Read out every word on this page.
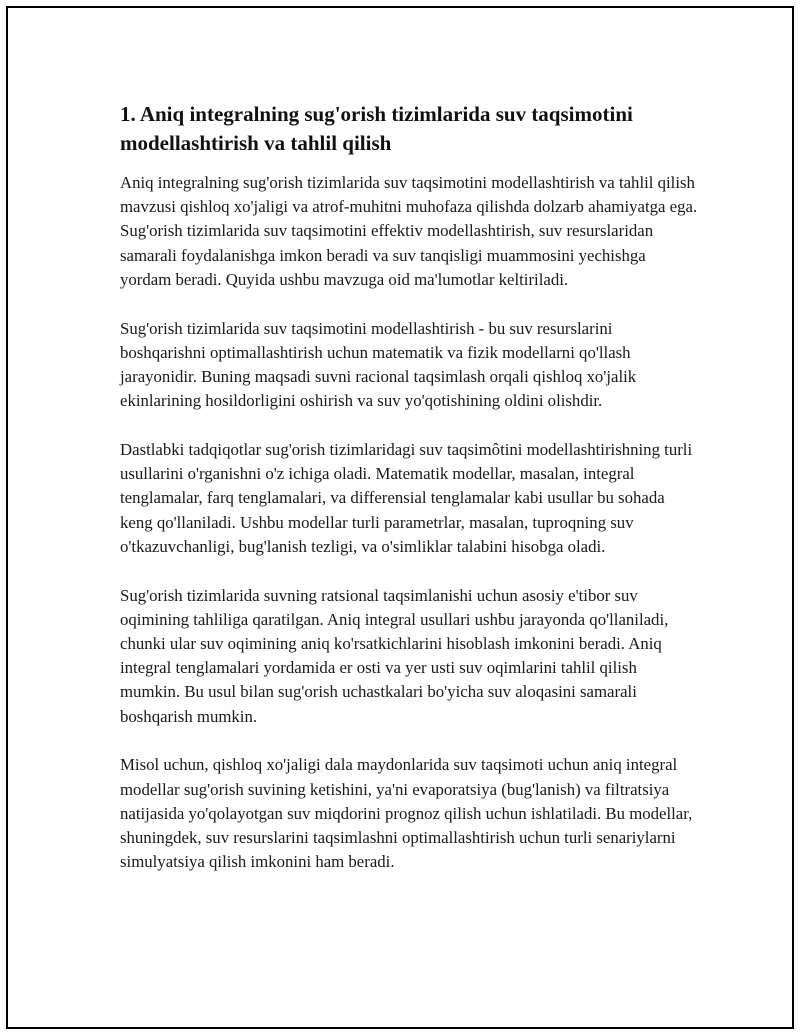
1. Aniq integralning sug'orish tizimlarida suv taqsimotini modellashtirish va tahlil qilish

Aniq integralning sug'orish tizimlarida suv taqsimotini modellashtirish va tahlil qilish mavzusi qishloq xo'jaligi va atrof-muhitni muhofaza qilishda dolzarb ahamiyatga ega. Sug'orish tizimlarida suv taqsimotini effektiv modellashtirish, suv resurslaridan samarali foydalanishga imkon beradi va suv tanqisligi muammosini yechishga yordam beradi. Quyida ushbu mavzuga oid ma'lumotlar keltiriladi.

Sug'orish tizimlarida suv taqsimotini modellashtirish - bu suv resurslarini boshqarishni optimallashtirish uchun matematik va fizik modellarni qo'llash jarayonidir. Buning maqsadi suvni racional taqsimlash orqali qishloq xo'jalik ekinlarining hosildorligini oshirish va suv yo'qotishining oldini olishdir.

Dastlabki tadqiqotlar sug'orish tizimlaridagi suv taqsimôtini modellashtirishning turli usullarini o'rganishni o'z ichiga oladi. Matematik modellar, masalan, integral tenglamalar, farq tenglamalari, va differensial tenglamalar kabi usullar bu sohada keng qo'llaniladi. Ushbu modellar turli parametrlar, masalan, tuproqning suv o'tkazuvchanligi, bug'lanish tezligi, va o'simliklar talabini hisobga oladi.

Sug'orish tizimlarida suvning ratsional taqsimlanishi uchun asosiy e'tibor suv oqimining tahliliga qaratilgan. Aniq integral usullari ushbu jarayonda qo'llaniladi, chunki ular suv oqimining aniq ko'rsatkichlarini hisoblash imkonini beradi. Aniq integral tenglamalari yordamida er osti va yer usti suv oqimlarini tahlil qilish mumkin. Bu usul bilan sug'orish uchastkalari bo'yicha suv aloqasini samarali boshqarish mumkin.

Misol uchun, qishloq xo'jaligi dala maydonlarida suv taqsimoti uchun aniq integral modellar sug'orish suvining ketishini, ya'ni evaporatsiya (bug'lanish) va filtratsiya natijasida yo'qolayotgan suv miqdorini prognoz qilish uchun ishlatiladi. Bu modellar, shuningdek, suv resurslarini taqsimlashni optimallashtirish uchun turli senariylarni simulyatsiya qilish imkonini ham beradi.
